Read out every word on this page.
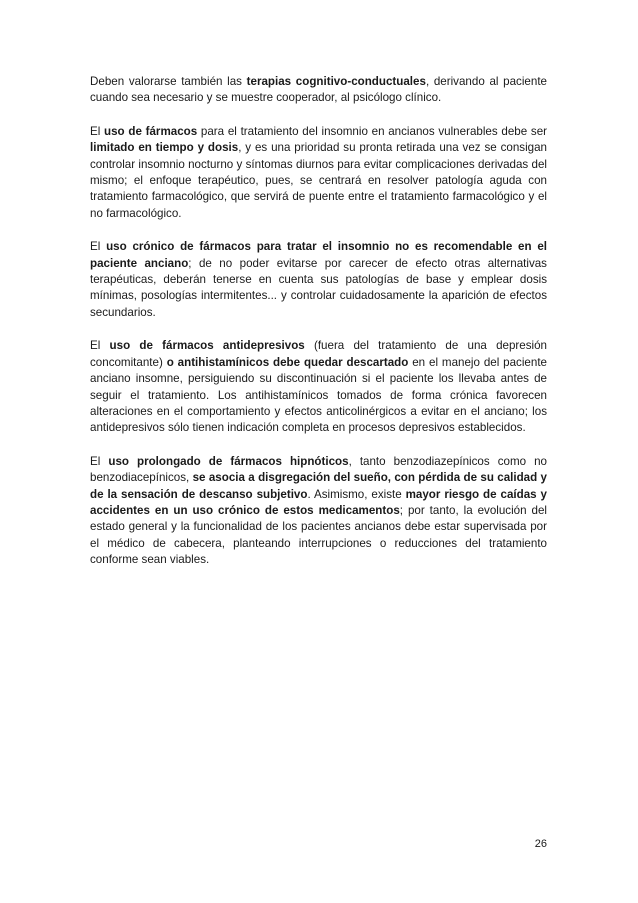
Deben valorarse también las terapias cognitivo-conductuales, derivando al paciente cuando sea necesario y se muestre cooperador, al psicólogo clínico.

El uso de fármacos para el tratamiento del insomnio en ancianos vulnerables debe ser limitado en tiempo y dosis, y es una prioridad su pronta retirada una vez se consigan controlar insomnio nocturno y síntomas diurnos para evitar complicaciones derivadas del mismo; el enfoque terapéutico, pues, se centrará en resolver patología aguda con tratamiento farmacológico, que servirá de puente entre el tratamiento farmacológico y el no farmacológico.

El uso crónico de fármacos para tratar el insomnio no es recomendable en el paciente anciano; de no poder evitarse por carecer de efecto otras alternativas terapéuticas, deberán tenerse en cuenta sus patologías de base y emplear dosis mínimas, posologías intermitentes... y controlar cuidadosamente la aparición de efectos secundarios.

El uso de fármacos antidepresivos (fuera del tratamiento de una depresión concomitante) o antihistamínicos debe quedar descartado en el manejo del paciente anciano insomne, persiguiendo su discontinuación si el paciente los llevaba antes de seguir el tratamiento. Los antihistamínicos tomados de forma crónica favorecen alteraciones en el comportamiento y efectos anticolinérgicos a evitar en el anciano; los antidepresivos sólo tienen indicación completa en procesos depresivos establecidos.

El uso prolongado de fármacos hipnóticos, tanto benzodiazepínicos como no benzodiacepínicos, se asocia a disgregación del sueño, con pérdida de su calidad y de la sensación de descanso subjetivo. Asimismo, existe mayor riesgo de caídas y accidentes en un uso crónico de estos medicamentos; por tanto, la evolución del estado general y la funcionalidad de los pacientes ancianos debe estar supervisada por el médico de cabecera, planteando interrupciones o reducciones del tratamiento conforme sean viables.

26
